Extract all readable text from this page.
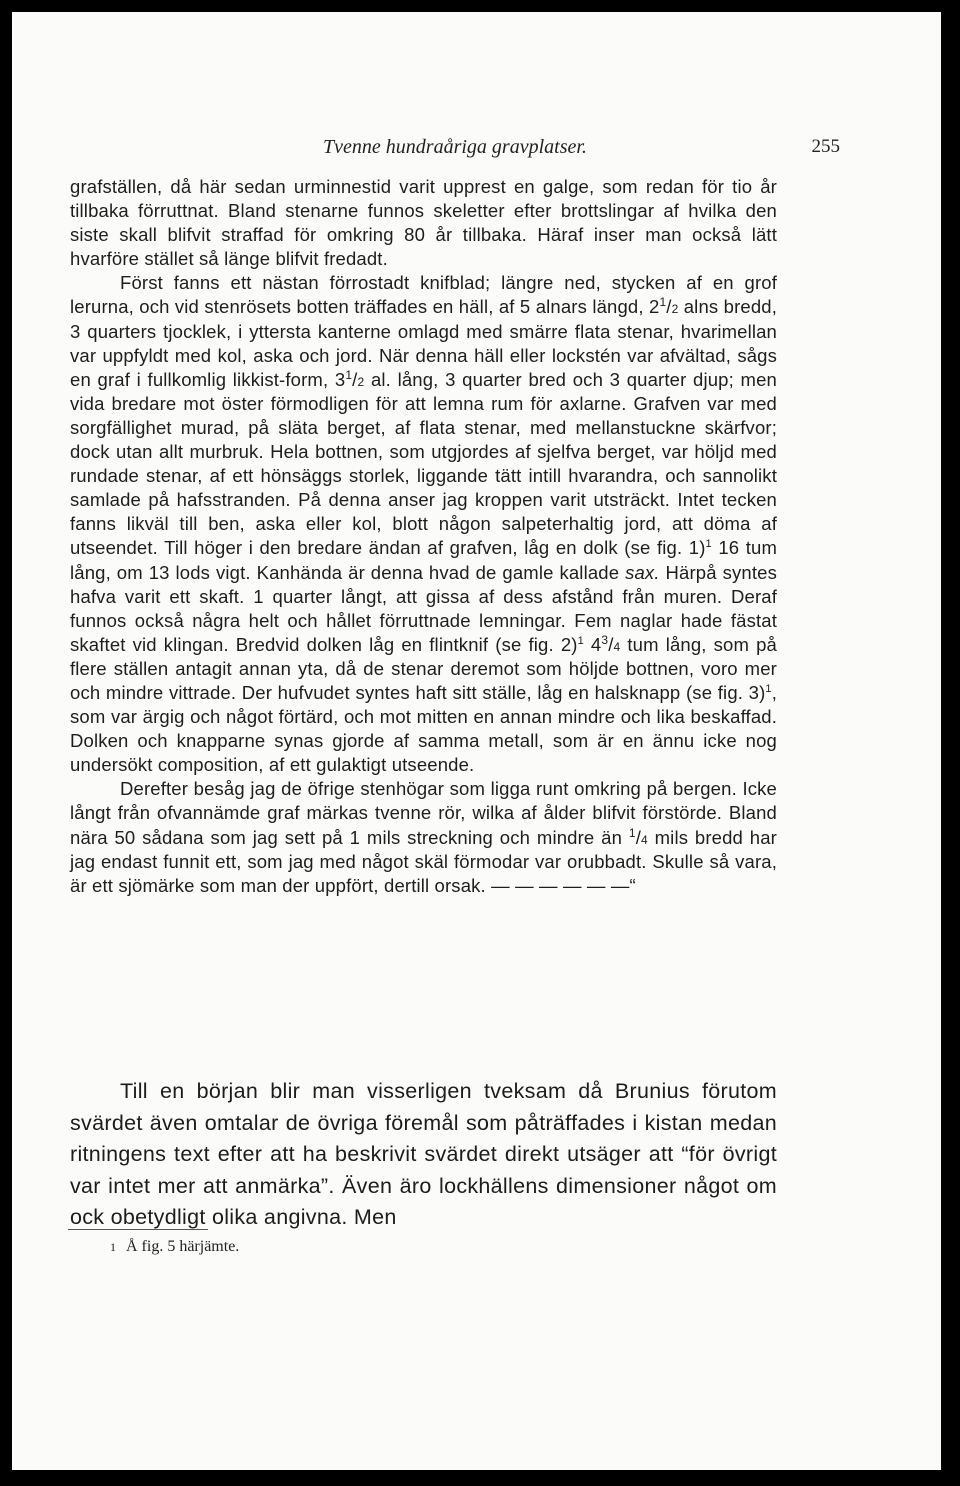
Tvenne hundraåriga gravplatser.	255

grafställen, då här sedan urminnestid varit upprest en galge, som redan för tio år tillbaka förruttnat. Bland stenarne funnos skeletter efter brottslingar af hvilka den siste skall blifvit straffad för omkring 80 år tillbaka. Häraf inser man också lätt hvarföre stället så länge blifvit fredadt.

Först fanns ett nästan förrostadt knifblad; längre ned, stycken af en grof lerurna, och vid stenrösets botten träffades en häll, af 5 alnars längd, $2^1/2$ alns bredd, 3 quarters tjocklek, i yttersta kanterne omlagd med smärre flata stenar, hvarimellan var uppfyldt med kol, aska och jord. När denna häll eller lockstén var afvältad, sågs en graf i fullkomlig likkist-form, $3^1/2$ al. lång, 3 quarter bred och 3 quarter djup; men vida bredare mot öster förmodligen för att lemna rum för axlarne. Grafven var med sorgfällighet murad, på släta berget, af flata stenar, med mellanstuckne skärfvor; dock utan allt murbruk. Hela bottnen, som utgjordes af sjelfva berget, var höljd med rundade stenar, af ett hönsäggs storlek, liggande tätt intill hvarandra, och sannolikt samlade på hafsstranden. På denna anser jag kroppen varit utsträckt. Intet tecken fanns likväl till ben, aska eller kol, blott någon salpeterhaltig jord, att döma af utseendet. Till höger i den bredare ändan af grafven, låg en dolk (se fig. 1)$^1$ 16 tum lång, om 13 lods vigt. Kanhända är denna hvad de gamle kallade sax. Härpå syntes hafva varit ett skaft. 1 quarter långt, att gissa af dess afstånd från muren. Deraf funnos också några helt och hållet förruttnade lemningar. Fem naglar hade fästat skaftet vid klingan. Bredvid dolken låg en flintknif (se fig. 2)$^1$ $4^3/4$ tum lång, som på flere ställen antagit annan yta, då de stenar deremot som höljde bottnen, voro mer och mindre vittrade. Der hufvudet syntes haft sitt ställe, låg en halsknapp (se fig. 3)$^1$, som var ärgig och något förtärd, och mot mitten en annan mindre och lika beskaffad. Dolken och knapparne synas gjorde af samma metall, som är en ännu icke nog undersökt composition, af ett gulaktigt utseende.

Derefter besåg jag de öfrige stenhögar som ligga runt omkring på bergen. Icke långt från ofvannämde graf märkas tvenne rör, wilka af ålder blifvit förstörde. Bland nära 50 sådana som jag sett på 1 mils streckning och mindre än $^1$/4 mils bredd har jag endast funnit ett, som jag med något skäl förmodar var orubbadt. Skulle så vara, är ett sjömärke som man der uppfört, dertill orsak. — — — — — —“

Till en början blir man visserligen tveksam då Brunius förutom svärdet även omtalar de övriga föremål som påträffades i kistan medan ritningens text efter att ha beskrivit svärdet direkt utsäger att “för övrigt var intet mer att anmärka”. Även äro lockhällens dimensioner något om ock obetydligt olika angivna. Men

1 Å fig. 5 härjämte.
